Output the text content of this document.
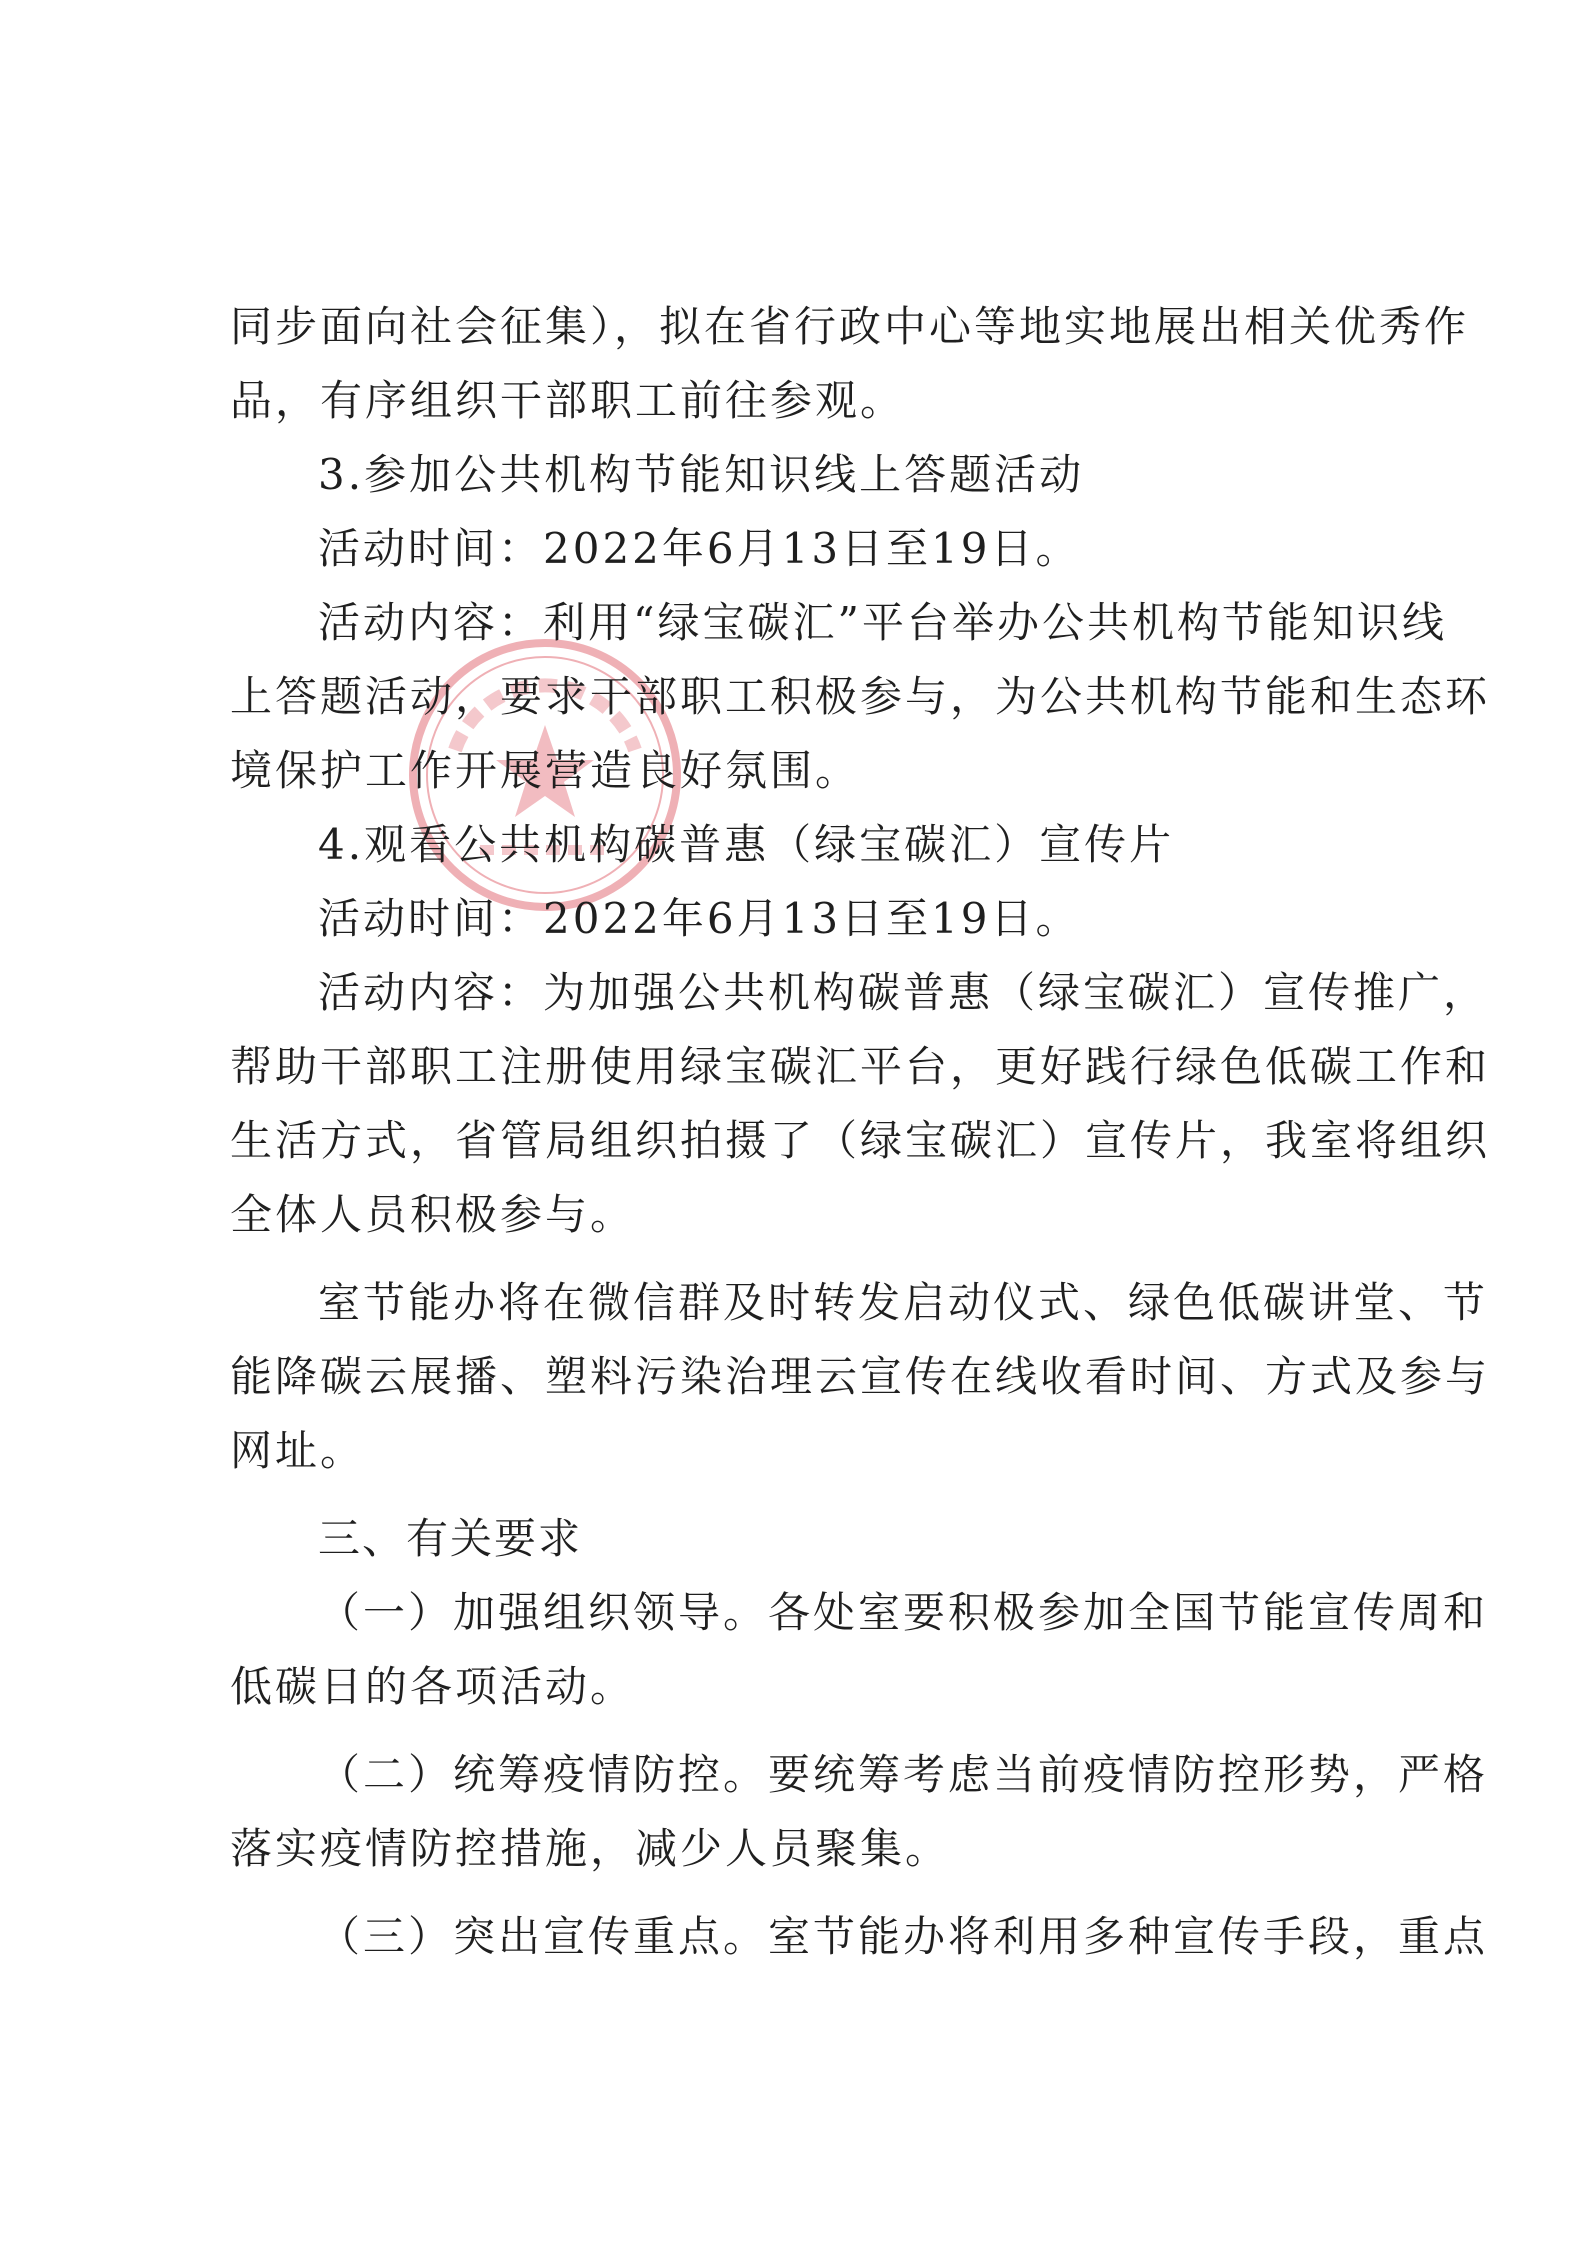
同步面向社会征集），拟在省行政中心等地实地展出相关优秀作
品，有序组织干部职工前往参观。
3.参加公共机构节能知识线上答题活动
活动时间：2022年6月13日至19日。
活动内容：利用“绿宝碳汇”平台举办公共机构节能知识线
上答题活动，要求干部职工积极参与，为公共机构节能和生态环
境保护工作开展营造良好氛围。
4.观看公共机构碳普惠（绿宝碳汇）宣传片
活动时间：2022年6月13日至19日。
活动内容：为加强公共机构碳普惠（绿宝碳汇）宣传推广，
帮助干部职工注册使用绿宝碳汇平台，更好践行绿色低碳工作和
生活方式，省管局组织拍摄了（绿宝碳汇）宣传片，我室将组织
全体人员积极参与。
室节能办将在微信群及时转发启动仪式、绿色低碳讲堂、节
能降碳云展播、塑料污染治理云宣传在线收看时间、方式及参与
网址。
三、有关要求
（一）加强组织领导。各处室要积极参加全国节能宣传周和
低碳日的各项活动。
（二）统筹疫情防控。要统筹考虑当前疫情防控形势，严格
落实疫情防控措施，减少人员聚集。
（三）突出宣传重点。室节能办将利用多种宣传手段，重点
